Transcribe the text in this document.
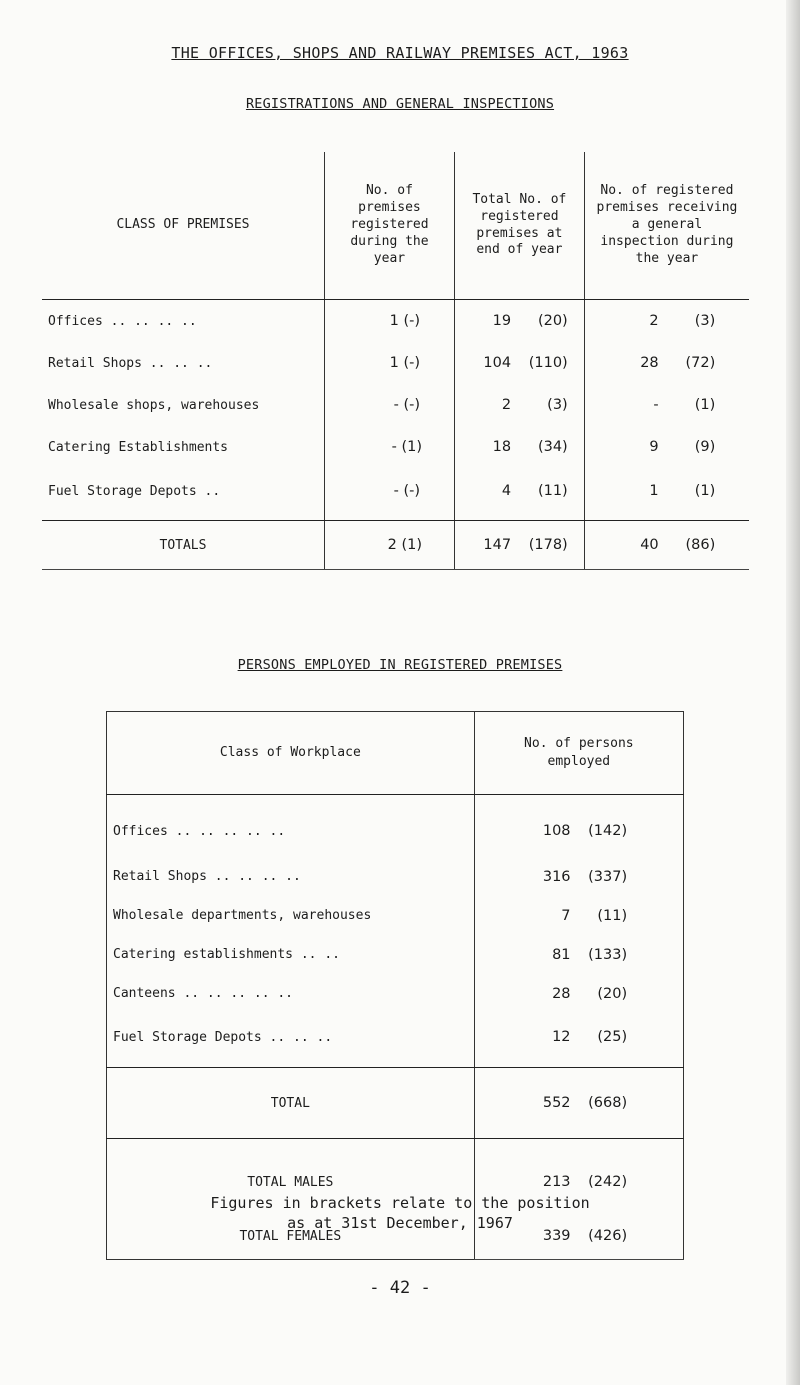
THE OFFICES, SHOPS AND RAILWAY PREMISES ACT, 1963
REGISTRATIONS AND GENERAL INSPECTIONS
CLASS OF PREMISES	No. of premises registered during the year	Total No. of registered premises at end of year	No. of registered premises receiving a general inspection during the year
Offices .. .. .. ..	1 (-)	19 (20)	2 (3)
Retail Shops .. .. ..	1 (-)	104 (110)	28 (72)
Wholesale shops, warehouses	- (-)	2 (3)	- (1)
Catering Establishments	- (1)	18 (34)	9 (9)
Fuel Storage Depots ..	- (-)	4 (11)	1 (1)
TOTALS	2 (1)	147 (178)	40 (86)
PERSONS EMPLOYED IN REGISTERED PREMISES
Class of Workplace	No. of persons employed
Offices .. .. .. .. ..	108 (142)
Retail Shops .. .. .. ..	316 (337)
Wholesale departments, warehouses	7 (11)
Catering establishments .. ..	81 (133)
Canteens .. .. .. .. ..	28 (20)
Fuel Storage Depots .. .. ..	12 (25)
TOTAL	552 (668)
TOTAL MALES	213 (242)
TOTAL FEMALES	339 (426)
Figures in brackets relate to the position
as at 31st December, 1967
- 42 -
